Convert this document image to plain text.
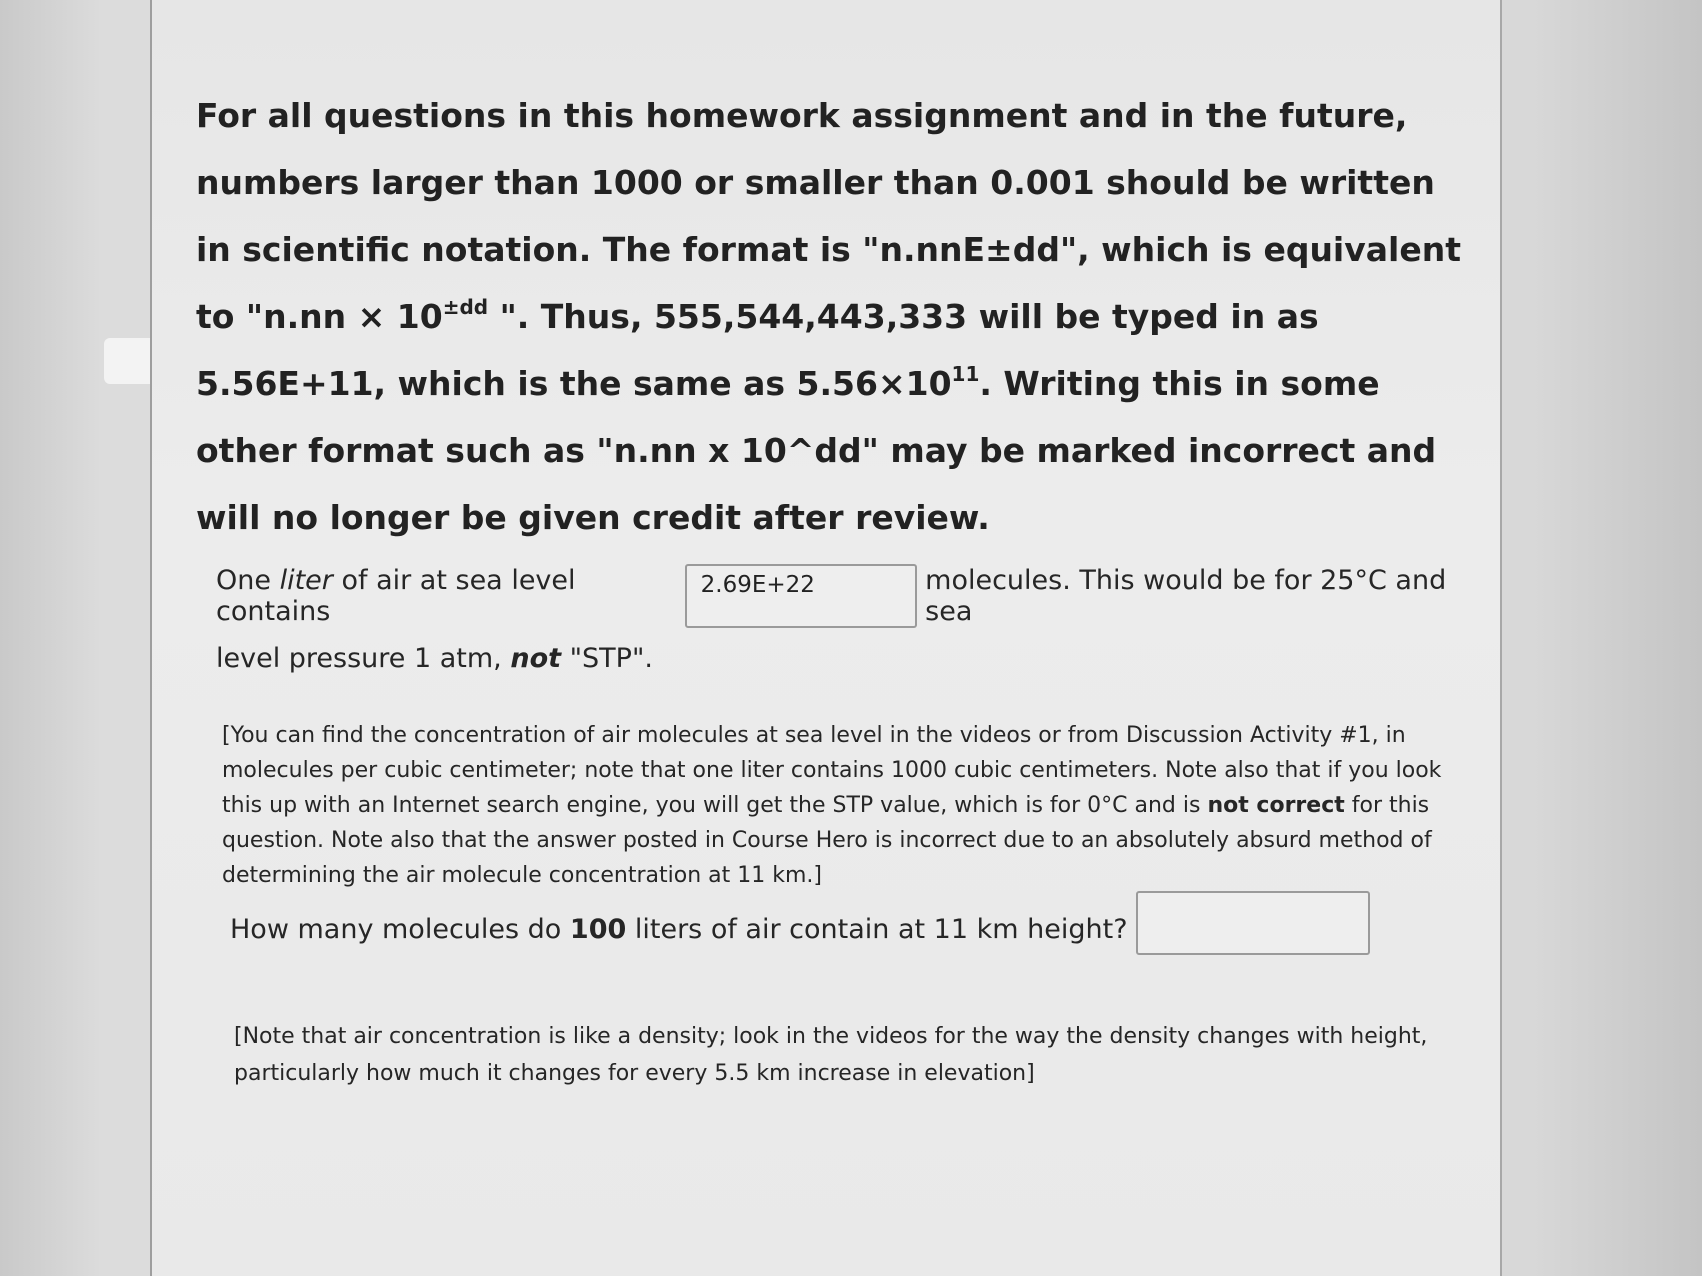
For all questions in this homework assignment and in the future, numbers larger than 1000 or smaller than 0.001 should be written in scientific notation. The format is "n.nnE±dd", which is equivalent to "$n.nn \times 10^{\pm dd}$ ". Thus, 555,544,443,333 will be typed in as 5.56E+11, which is the same as $5.56\times 10^{11}$. Writing this in some other format such as "n.nn x 10^dd" may be marked incorrect and will no longer be given credit after review.

One liter of air at sea level contains
2.69E+22	molecules. This would be for 25°C and sea
level pressure 1 atm, not "STP".

[You can find the concentration of air molecules at sea level in the videos or from Discussion Activity #1, in molecules per cubic centimeter; note that one liter contains 1000 cubic centimeters. Note also that if you look this up with an Internet search engine, you will get the STP value, which is for 0°C and is not correct for this question. Note also that the answer posted in Course Hero is incorrect due to an absolutely absurd method of determining the air molecule concentration at 11 km.]

How many molecules do 100 liters of air contain at 11 km height?

[Note that air concentration is like a density; look in the videos for the way the density changes with height, particularly how much it changes for every 5.5 km increase in elevation]
